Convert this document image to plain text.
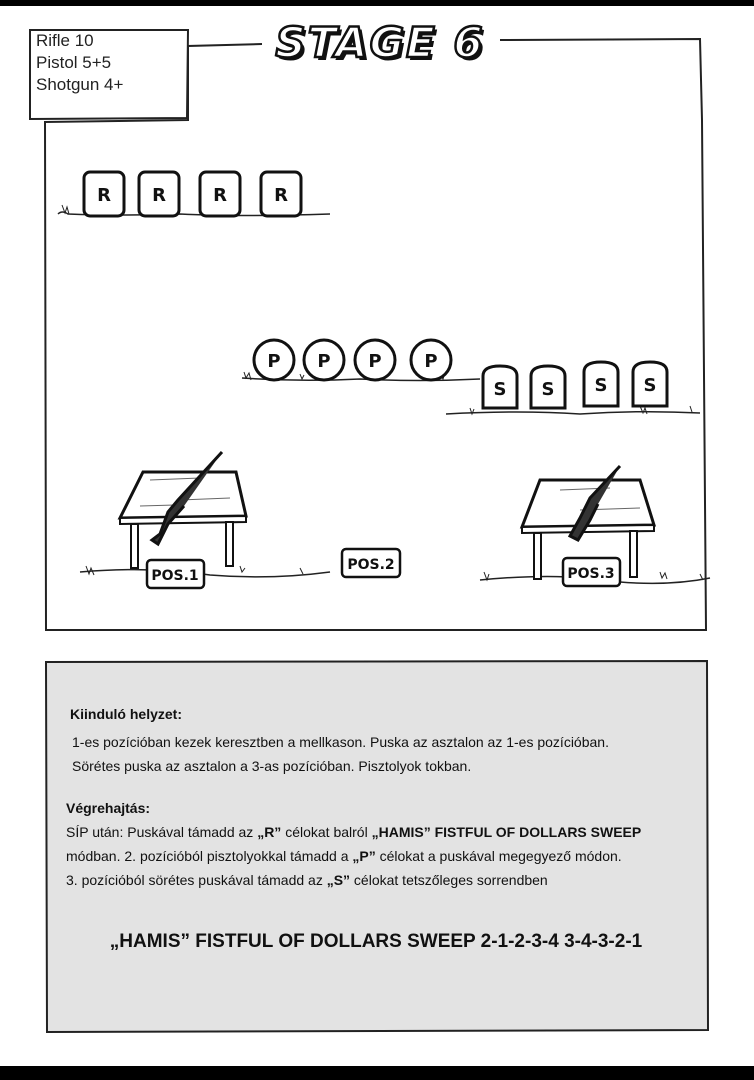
R R	R	R
P P P P
S S S S
POS.1
POS.2
POS.3
Rifle 10
Pistol 5+5
Shotgun 4+
STAGE 6
Kiinduló helyzet:
1-es pozícióban kezek keresztben a mellkason. Puska az asztalon az 1-es pozícióban.
Sörétes puska az asztalon a 3-as pozícióban. Pisztolyok tokban.
Végrehajtás:
SÍP után: Puskával támadd az „R” célokat balról „HAMIS” FISTFUL OF DOLLARS SWEEP
módban. 2. pozícióból pisztolyokkal támadd a „P” célokat a puskával megegyező módon.
3. pozícióból sörétes puskával támadd az „S” célokat tetszőleges sorrendben
„HAMIS” FISTFUL OF DOLLARS SWEEP 2-1-2-3-4 3-4-3-2-1
